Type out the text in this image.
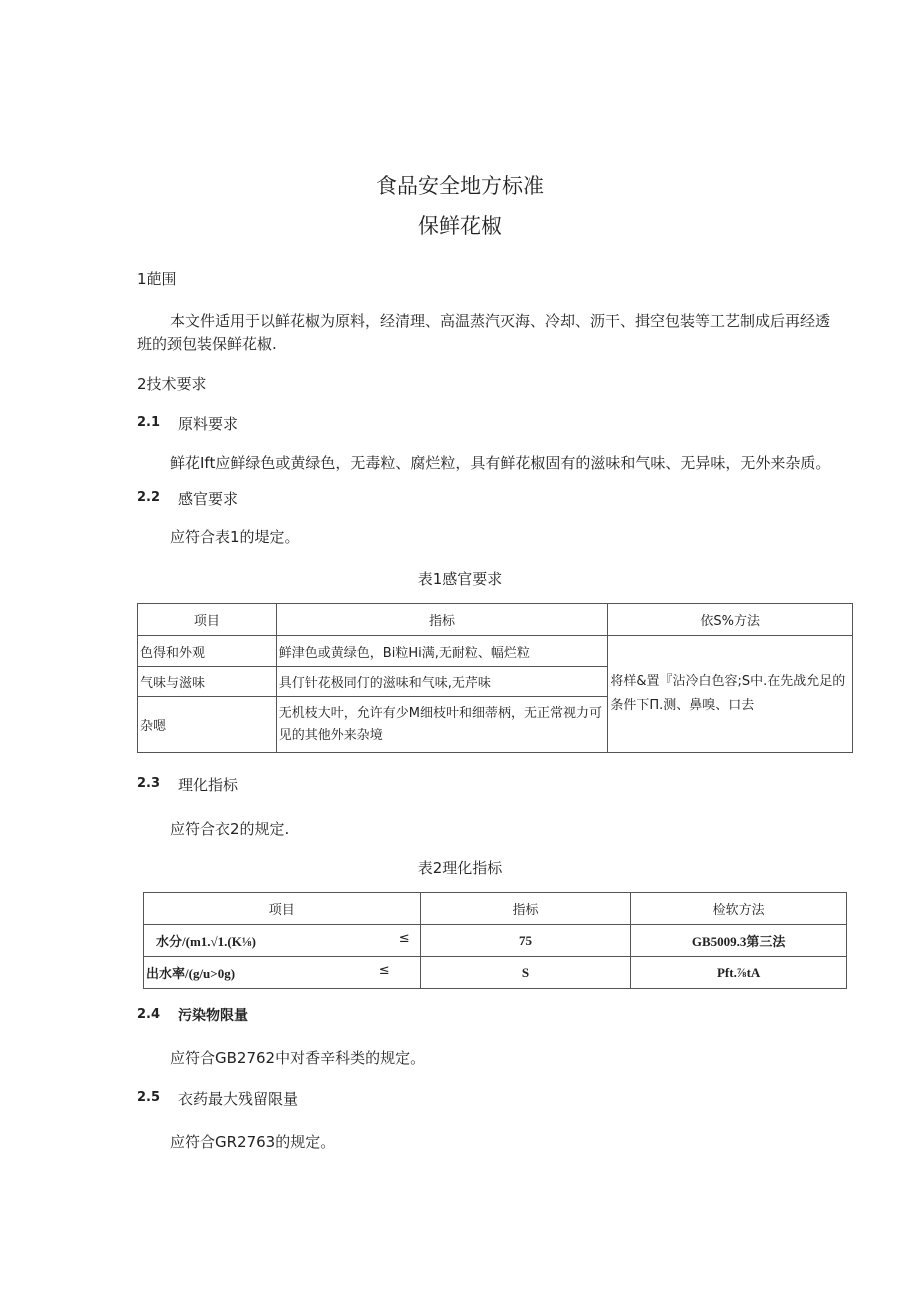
食品安全地方标准
保鲜花椒
1葩围
本文件适用于以鲜花椒为原料，经清理、高温蒸汽灭海、冷却、沥干、揖空包装等工艺制成后再经透
班的颈包装保鲜花椒.
2技术要求
2.1 原料要求
鲜花Ift应鲜绿色或黄绿色，无毒粒、腐烂粒，具有鲜花椒固有的滋味和气味、无异味，无外来杂质。
2.2 感官要求
应符合表1的堤定。
表1感官要求
项目	指标	依S%方法
色得和外观	鲜津色或黄绿色，Bi粒Hi满,无耐粒、幅烂粒	将样&置『沾冷白色容;S中.在先战允足的
条件下Π.测、鼻嗅、口去
气味与滋味	具仃针花极同仃的滋味和气味,无芹味	
杂嗯	无机枝大叶，允许有少M细枝叶和细蒂柄，无正常视力可
见的其他外来杂境	
2.3 理化指标
应符合衣2的规定.
表2理化指标
项目	指标	检软方法
水分/(m1.√1.(K⅛) ≤	75	GB5009.3第三法
出水率/(g/u>0g) ≤	S	Pft.⅞tA
2.4 污染物限量
应符合GB2762中对香辛科类的规定。
2.5 衣药最大残留限量
应符合GR2763的规定。
